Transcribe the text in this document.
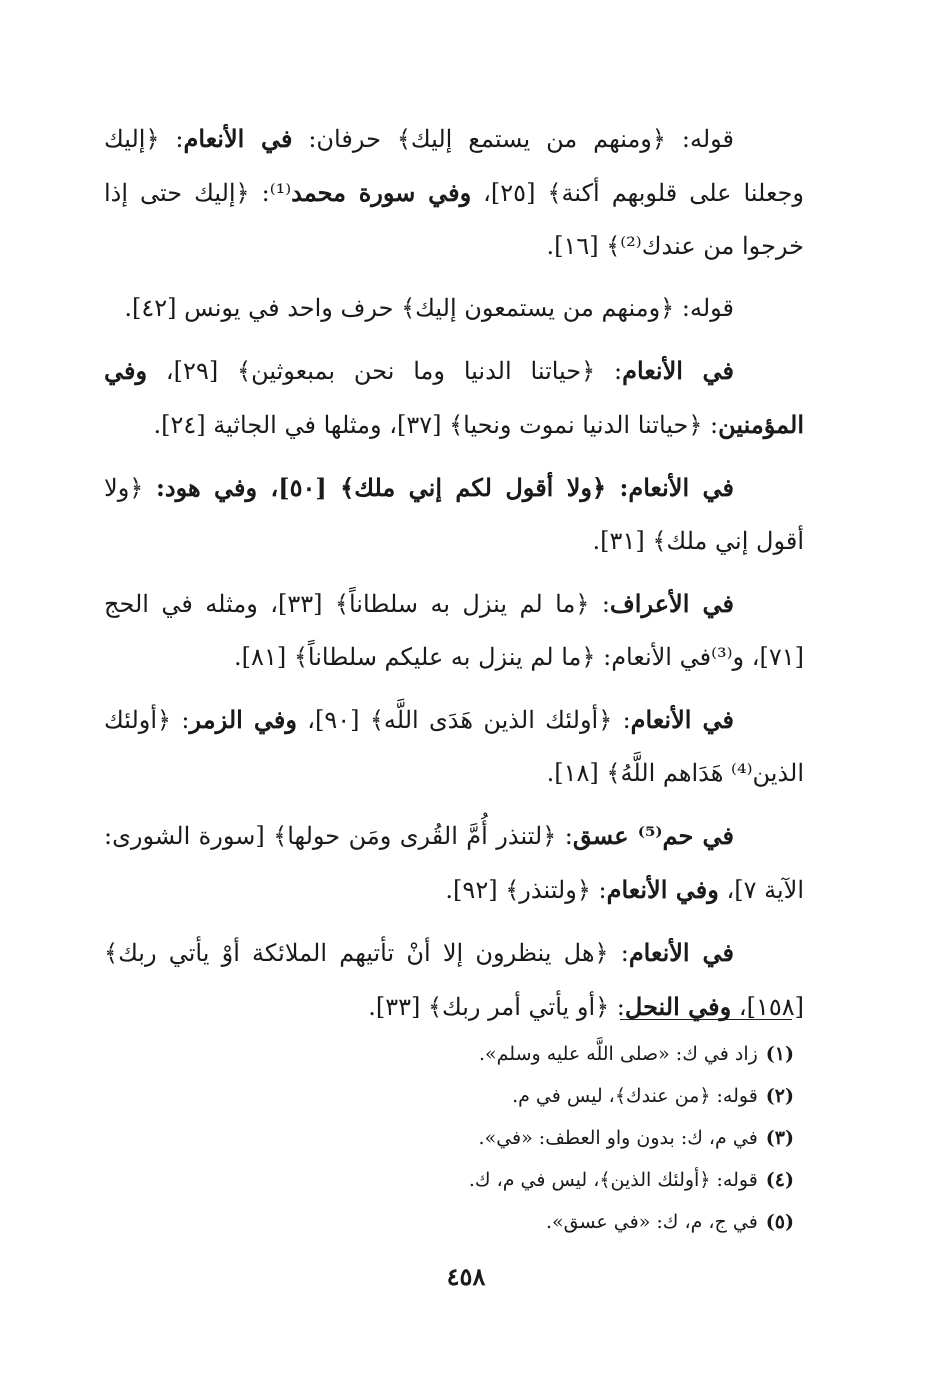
قوله: ﴿ومنهم من يستمع إليك﴾ حرفان: في الأنعام: ﴿إليك وجعلنا على قلوبهم أكنة﴾ [٢٥]، وفي سورة محمد⁽¹⁾: ﴿إليك حتى إذا خرجوا من عندك⁽²⁾﴾ [١٦].

قوله: ﴿ومنهم من يستمعون إليك﴾ حرف واحد في يونس [٤٢].

في الأنعام: ﴿حياتنا الدنيا وما نحن بمبعوثين﴾ [٢٩]، وفي المؤمنين: ﴿حياتنا الدنيا نموت ونحيا﴾ [٣٧]، ومثلها في الجاثية [٢٤].

في الأنعام: ﴿ولا أقول لكم إني ملك﴾ [٥٠]، وفي هود: ﴿ولا أقول إني ملك﴾ [٣١].

في الأعراف: ﴿ما لم ينزل به سلطاناً﴾ [٣٣]، ومثله في الحج [٧١]، و⁽³⁾في الأنعام: ﴿ما لم ينزل به عليكم سلطاناً﴾ [٨١].

في الأنعام: ﴿أولئك الذين هَدَى اللَّه﴾ [٩٠]، وفي الزمر: ﴿أولئك الذين⁽⁴⁾ هَدَاهم اللَّهُ﴾ [١٨].

في حم⁽⁵⁾ عسق: ﴿لتنذر أُمَّ القُرى ومَن حولها﴾ [سورة الشورى: الآية ٧]، وفي الأنعام: ﴿ولتنذر﴾ [٩٢].

في الأنعام: ﴿هل ينظرون إلا أنْ تأتيهم الملائكة أوْ يأتي ربك﴾ [١٥٨]، وفي النحل: ﴿أو يأتي أمر ربك﴾ [٣٣].

(١)زاد في ك: «صلى اللَّه عليه وسلم».

(٢)قوله: ﴿من عندك﴾، ليس في م.

(٣)في م، ك: بدون واو العطف: «في».

(٤)قوله: ﴿أولئك الذين﴾، ليس في م، ك.

(٥)في ج، م، ك: «في عسق».

٤٥٨
